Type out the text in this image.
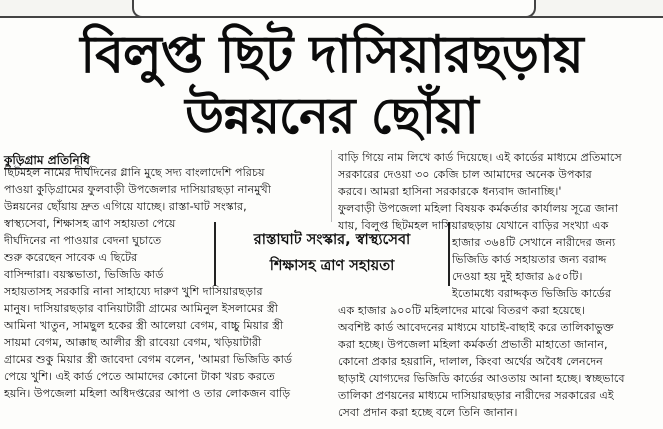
বিলুপ্ত ছিট দাসিয়ারছড়ায়
উন্নয়নের ছোঁয়া
কুড়িগ্রাম প্রতিনিধি
ছিটমহল নামের দীর্ঘদিনের গ্লানি মুছে সদ্য বাংলাদেশি পরিচয়
পাওয়া কুড়িগ্রামের ফুলবাড়ী উপজেলার দাসিয়ারছড়া নানমুখী
উন্নয়নের ছোঁয়ায় দ্রুত এগিয়ে যাচ্ছে। রাস্তা-ঘাট সংস্কার,
স্বাস্থ্যসেবা, শিক্ষাসহ ত্রাণ সহায়তা পেয়ে
দীর্ঘদিনের না পাওয়ার বেদনা ঘুচাতে
শুরু করেছেন সাবেক এ ছিটের
বাসিন্দারা। বয়স্কভাতা, ভিজিডি কার্ড
সহায়তাসহ সরকারি নানা সাহায্যে দারুণ খুশি দাসিয়ারছড়ার
মানুষ। দাসিয়ারছড়ার বানিয়াটারী গ্রামের আমিনুল ইসলামের স্ত্রী
আমিনা খাতুন, সামছুল হকের স্ত্রী আলেয়া বেগম, বাচ্চু মিয়ার স্ত্রী
সায়মা বেগম, আক্কাছ আলীর স্ত্রী রাবেয়া বেগম, খড়িয়াটারী
গ্রামের শুকু মিয়ার স্ত্রী জাবেদা বেগম বলেন, 'আমরা ভিজিডি কার্ড
পেয়ে খুশি। এই কার্ড পেতে আমাদের কোনো টাকা খরচ করতে
হয়নি। উপজেলা মহিলা অধিদপ্তরের আপা ও তার লোকজন বাড়ি
রাস্তাঘাট সংস্কার, স্বাস্থ্যসেবা
শিক্ষাসহ ত্রাণ সহায়তা
বাড়ি গিয়ে নাম লিখে কার্ড দিয়েছে। এই কার্ডের মাধ্যমে প্রতিমাসে
সরকারের দেওয়া ৩০ কেজি চাল আমাদের অনেক উপকার
করবে। আমরা হাসিনা সরকারকে ধন্যবাদ জানাচ্ছি।'
ফুলবাড়ী উপজেলা মহিলা বিষয়ক কর্মকর্তার কার্যালয় সূত্রে জানা
যায়, বিলুপ্ত ছিটমহল দাসিয়ারছড়ায় যেখানে বাড়ির সংখ্যা এক
হাজার ৩৬৪টি সেখানে নারীদের জন্য
ভিজিডি কার্ড সহায়তার জন্য বরাদ্দ
দেওয়া হয় দুই হাজার ৯৫০টি।
ইতোমধ্যে বরাদ্দকৃত ভিজিডি কার্ডের
এক হাজার ৯০০টি মহিলাদের মাঝে বিতরণ করা হয়েছে।
অবশিষ্ট কার্ড আবেদনের মাধ্যমে যাচাই-বাছাই করে তালিকাভুক্ত
করা হচ্ছে। উপজেলা মহিলা কর্মকর্তা প্রভাতী মাহাতো জানান,
কোনো প্রকার হয়রানি, দালাল, কিংবা অর্থের অবৈধ লেনদেন
ছাড়াই যোগ্যদের ভিজিডি কার্ডের আওতায় আনা হচ্ছে। স্বচ্ছভাবে
তালিকা প্রণয়নের মাধ্যমে দাসিয়ারছড়ার নারীদের সরকারের এই
সেবা প্রদান করা হচ্ছে বলে তিনি জানান।
